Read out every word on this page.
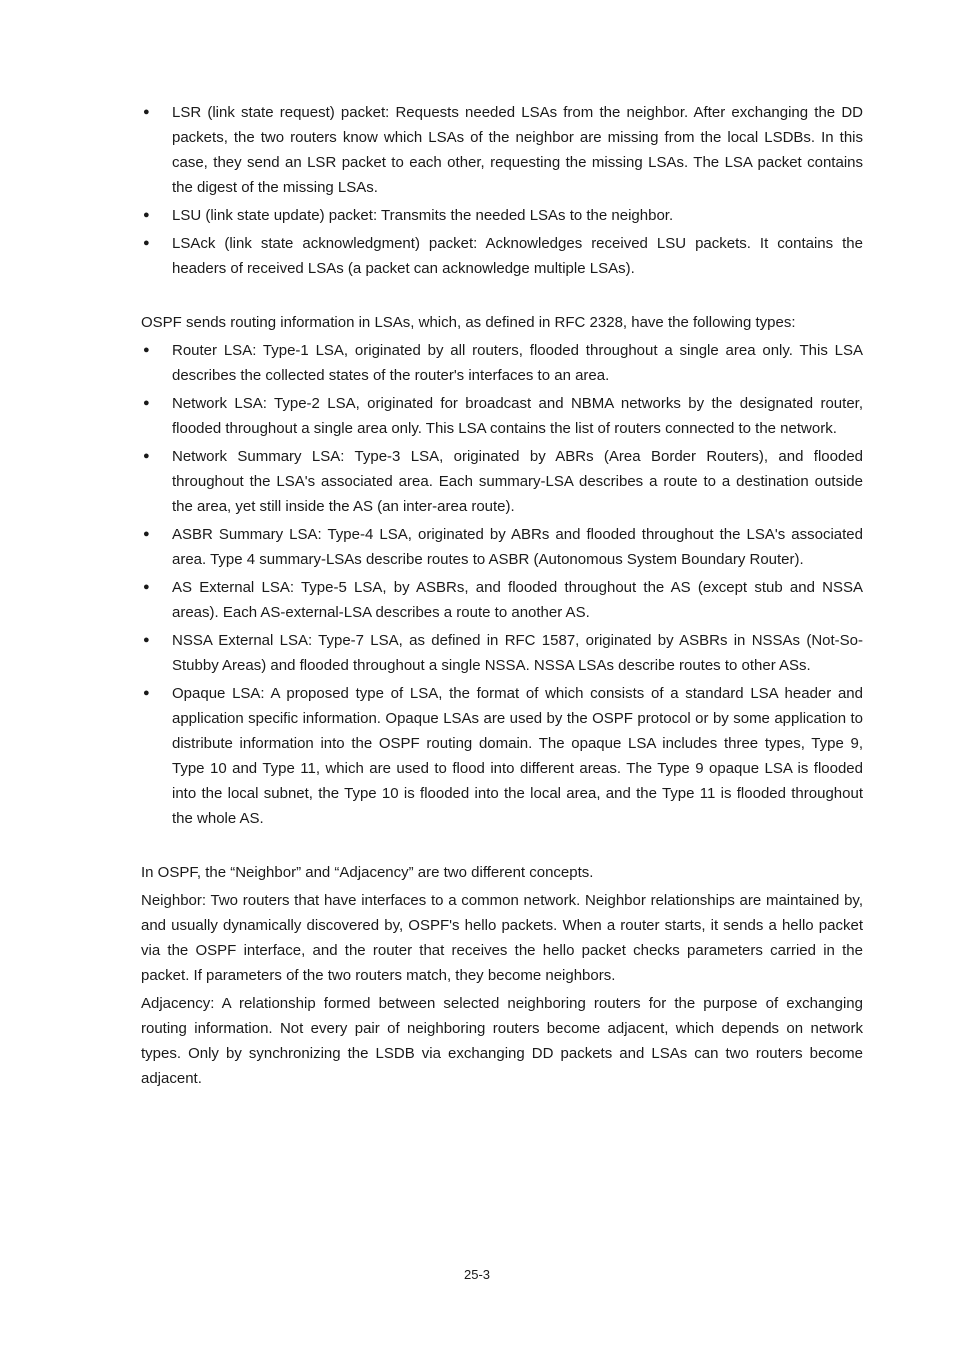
● LSR (link state request) packet: Requests needed LSAs from the neighbor. After exchanging the DD packets, the two routers know which LSAs of the neighbor are missing from the local LSDBs. In this case, they send an LSR packet to each other, requesting the missing LSAs. The LSA packet contains the digest of the missing LSAs.
● LSU (link state update) packet: Transmits the needed LSAs to the neighbor.
● LSAck (link state acknowledgment) packet: Acknowledges received LSU packets. It contains the headers of received LSAs (a packet can acknowledge multiple LSAs).

OSPF sends routing information in LSAs, which, as defined in RFC 2328, have the following types:

● Router LSA: Type-1 LSA, originated by all routers, flooded throughout a single area only. This LSA describes the collected states of the router's interfaces to an area.
● Network LSA: Type-2 LSA, originated for broadcast and NBMA networks by the designated router, flooded throughout a single area only. This LSA contains the list of routers connected to the network.
● Network Summary LSA: Type-3 LSA, originated by ABRs (Area Border Routers), and flooded throughout the LSA's associated area. Each summary-LSA describes a route to a destination outside the area, yet still inside the AS (an inter-area route).
● ASBR Summary LSA: Type-4 LSA, originated by ABRs and flooded throughout the LSA's associated area. Type 4 summary-LSAs describe routes to ASBR (Autonomous System Boundary Router).
● AS External LSA: Type-5 LSA, by ASBRs, and flooded throughout the AS (except stub and NSSA areas). Each AS-external-LSA describes a route to another AS.
● NSSA External LSA: Type-7 LSA, as defined in RFC 1587, originated by ASBRs in NSSAs (Not-So-Stubby Areas) and flooded throughout a single NSSA. NSSA LSAs describe routes to other ASs.
● Opaque LSA: A proposed type of LSA, the format of which consists of a standard LSA header and application specific information. Opaque LSAs are used by the OSPF protocol or by some application to distribute information into the OSPF routing domain. The opaque LSA includes three types, Type 9, Type 10 and Type 11, which are used to flood into different areas. The Type 9 opaque LSA is flooded into the local subnet, the Type 10 is flooded into the local area, and the Type 11 is flooded throughout the whole AS.

In OSPF, the “Neighbor” and “Adjacency” are two different concepts.

Neighbor: Two routers that have interfaces to a common network. Neighbor relationships are maintained by, and usually dynamically discovered by, OSPF's hello packets. When a router starts, it sends a hello packet via the OSPF interface, and the router that receives the hello packet checks parameters carried in the packet. If parameters of the two routers match, they become neighbors.

Adjacency: A relationship formed between selected neighboring routers for the purpose of exchanging routing information. Not every pair of neighboring routers become adjacent, which depends on network types. Only by synchronizing the LSDB via exchanging DD packets and LSAs can two routers become adjacent.

25-3
